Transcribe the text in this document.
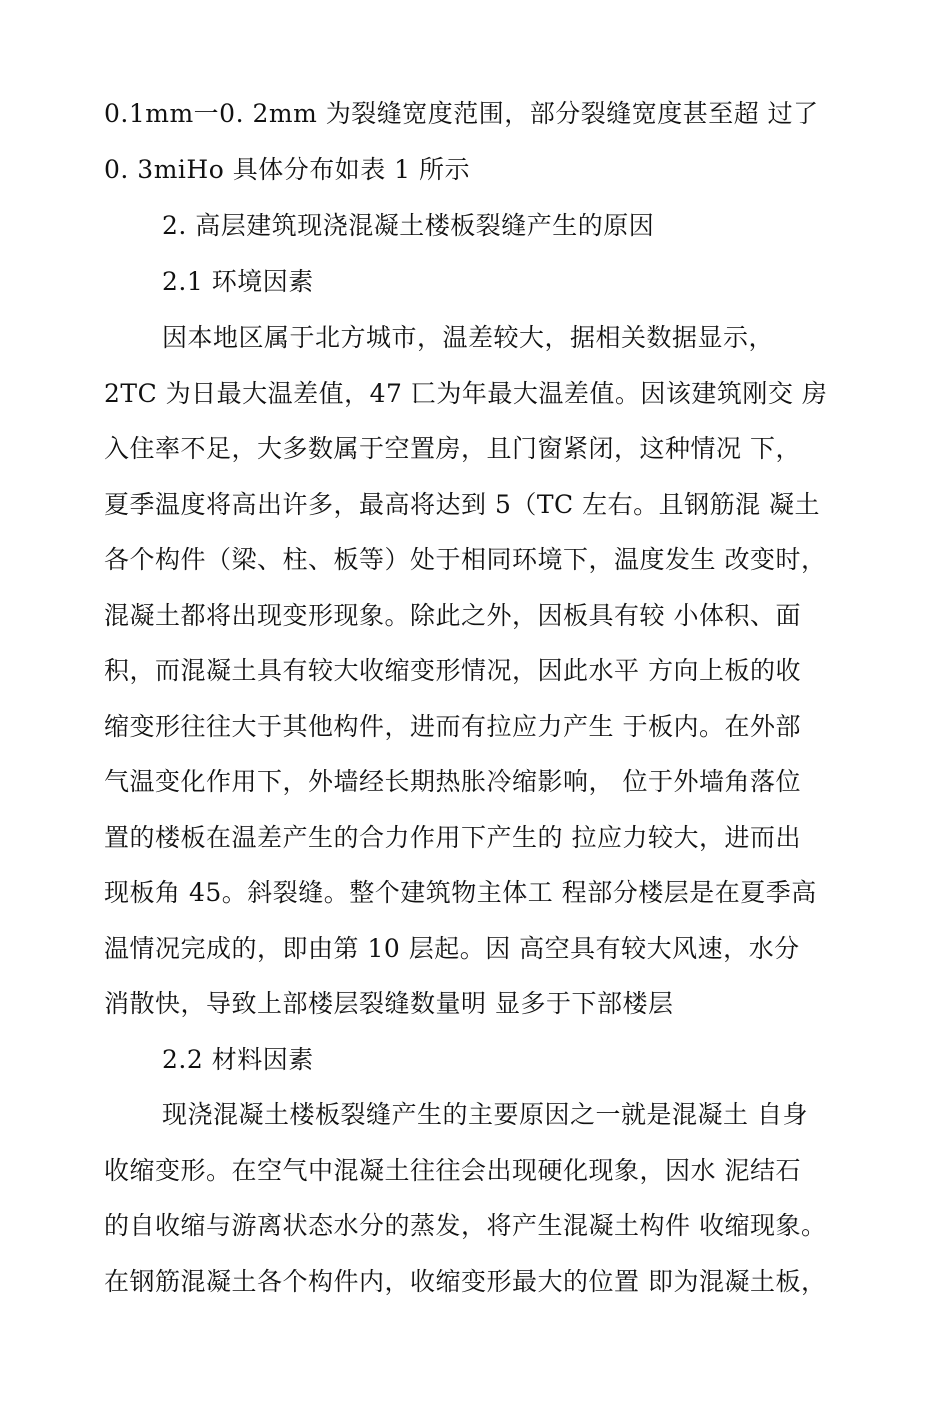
0.1mm一0. 2mm 为裂缝宽度范围，部分裂缝宽度甚至超 过了
0. 3miHo 具体分布如表 1 所示
2. 高层建筑现浇混凝土楼板裂缝产生的原因
2.1 环境因素
因本地区属于北方城市，温差较大，据相关数据显示，
2TC 为日最大温差值，47 匸为年最大温差值。因该建筑刚交 房
入住率不足，大多数属于空置房，且门窗紧闭，这种情况 下，
夏季温度将高出许多，最高将达到 5（TC 左右。且钢筋混 凝土
各个构件（梁、柱、板等）处于相同环境下，温度发生 改变时，
混凝土都将出现变形现象。除此之外，因板具有较 小体积、面
积，而混凝土具有较大收缩变形情况，因此水平 方向上板的收
缩变形往往大于其他构件，进而有拉应力产生 于板内。在外部
气温变化作用下，外墙经长期热胀冷缩影响， 位于外墙角落位
置的楼板在温差产生的合力作用下产生的 拉应力较大，进而出
现板角 45。斜裂缝。整个建筑物主体工 程部分楼层是在夏季高
温情况完成的，即由第 10 层起。因 高空具有较大风速，水分
消散快，导致上部楼层裂缝数量明 显多于下部楼层
2.2 材料因素
现浇混凝土楼板裂缝产生的主要原因之一就是混凝土 自身
收缩变形。在空气中混凝土往往会出现硬化现象，因水 泥结石
的自收缩与游离状态水分的蒸发，将产生混凝土构件 收缩现象。
在钢筋混凝土各个构件内，收缩变形最大的位置 即为混凝土板，
